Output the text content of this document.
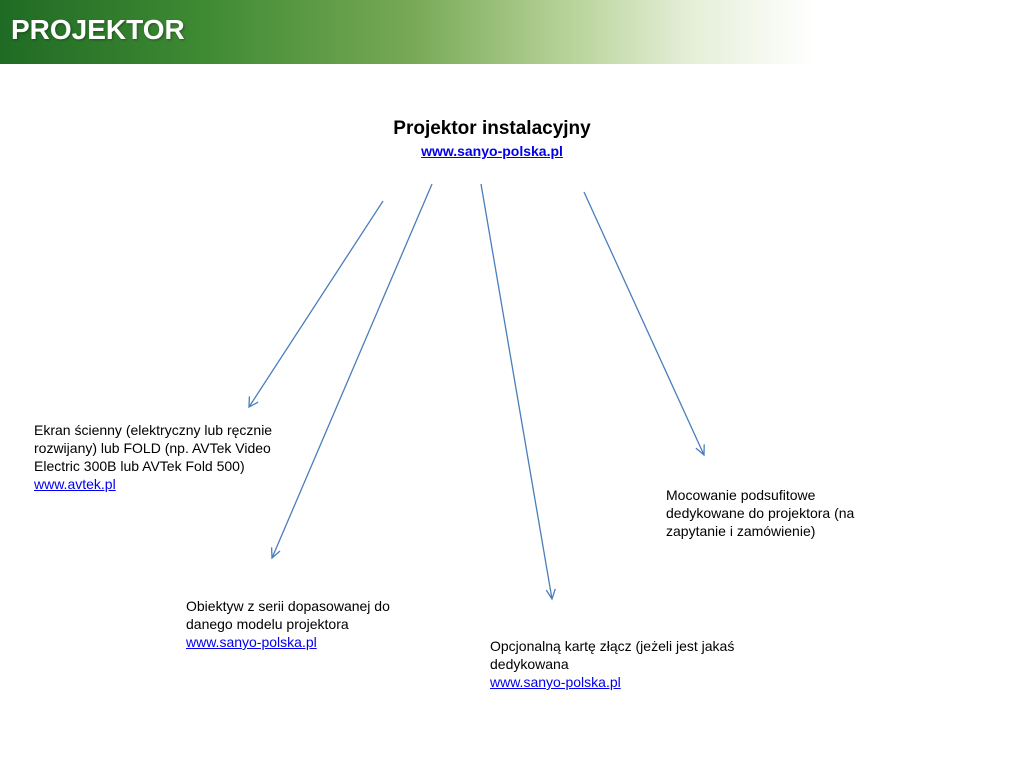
PROJEKTOR
Projektor instalacyjny
www.sanyo-polska.pl
Ekran ścienny (elektryczny lub ręcznie rozwijany) lub FOLD (np. AVTek Video Electric 300B lub AVTek Fold 500)
www.avtek.pl
Mocowanie podsufitowe dedykowane do projektora (na zapytanie i zamówienie)
Obiektyw z serii dopasowanej do danego modelu projektora
www.sanyo-polska.pl	Opcjonalną kartę złącz (jeżeli jest jakaś dedykowana
www.sanyo-polska.pl
